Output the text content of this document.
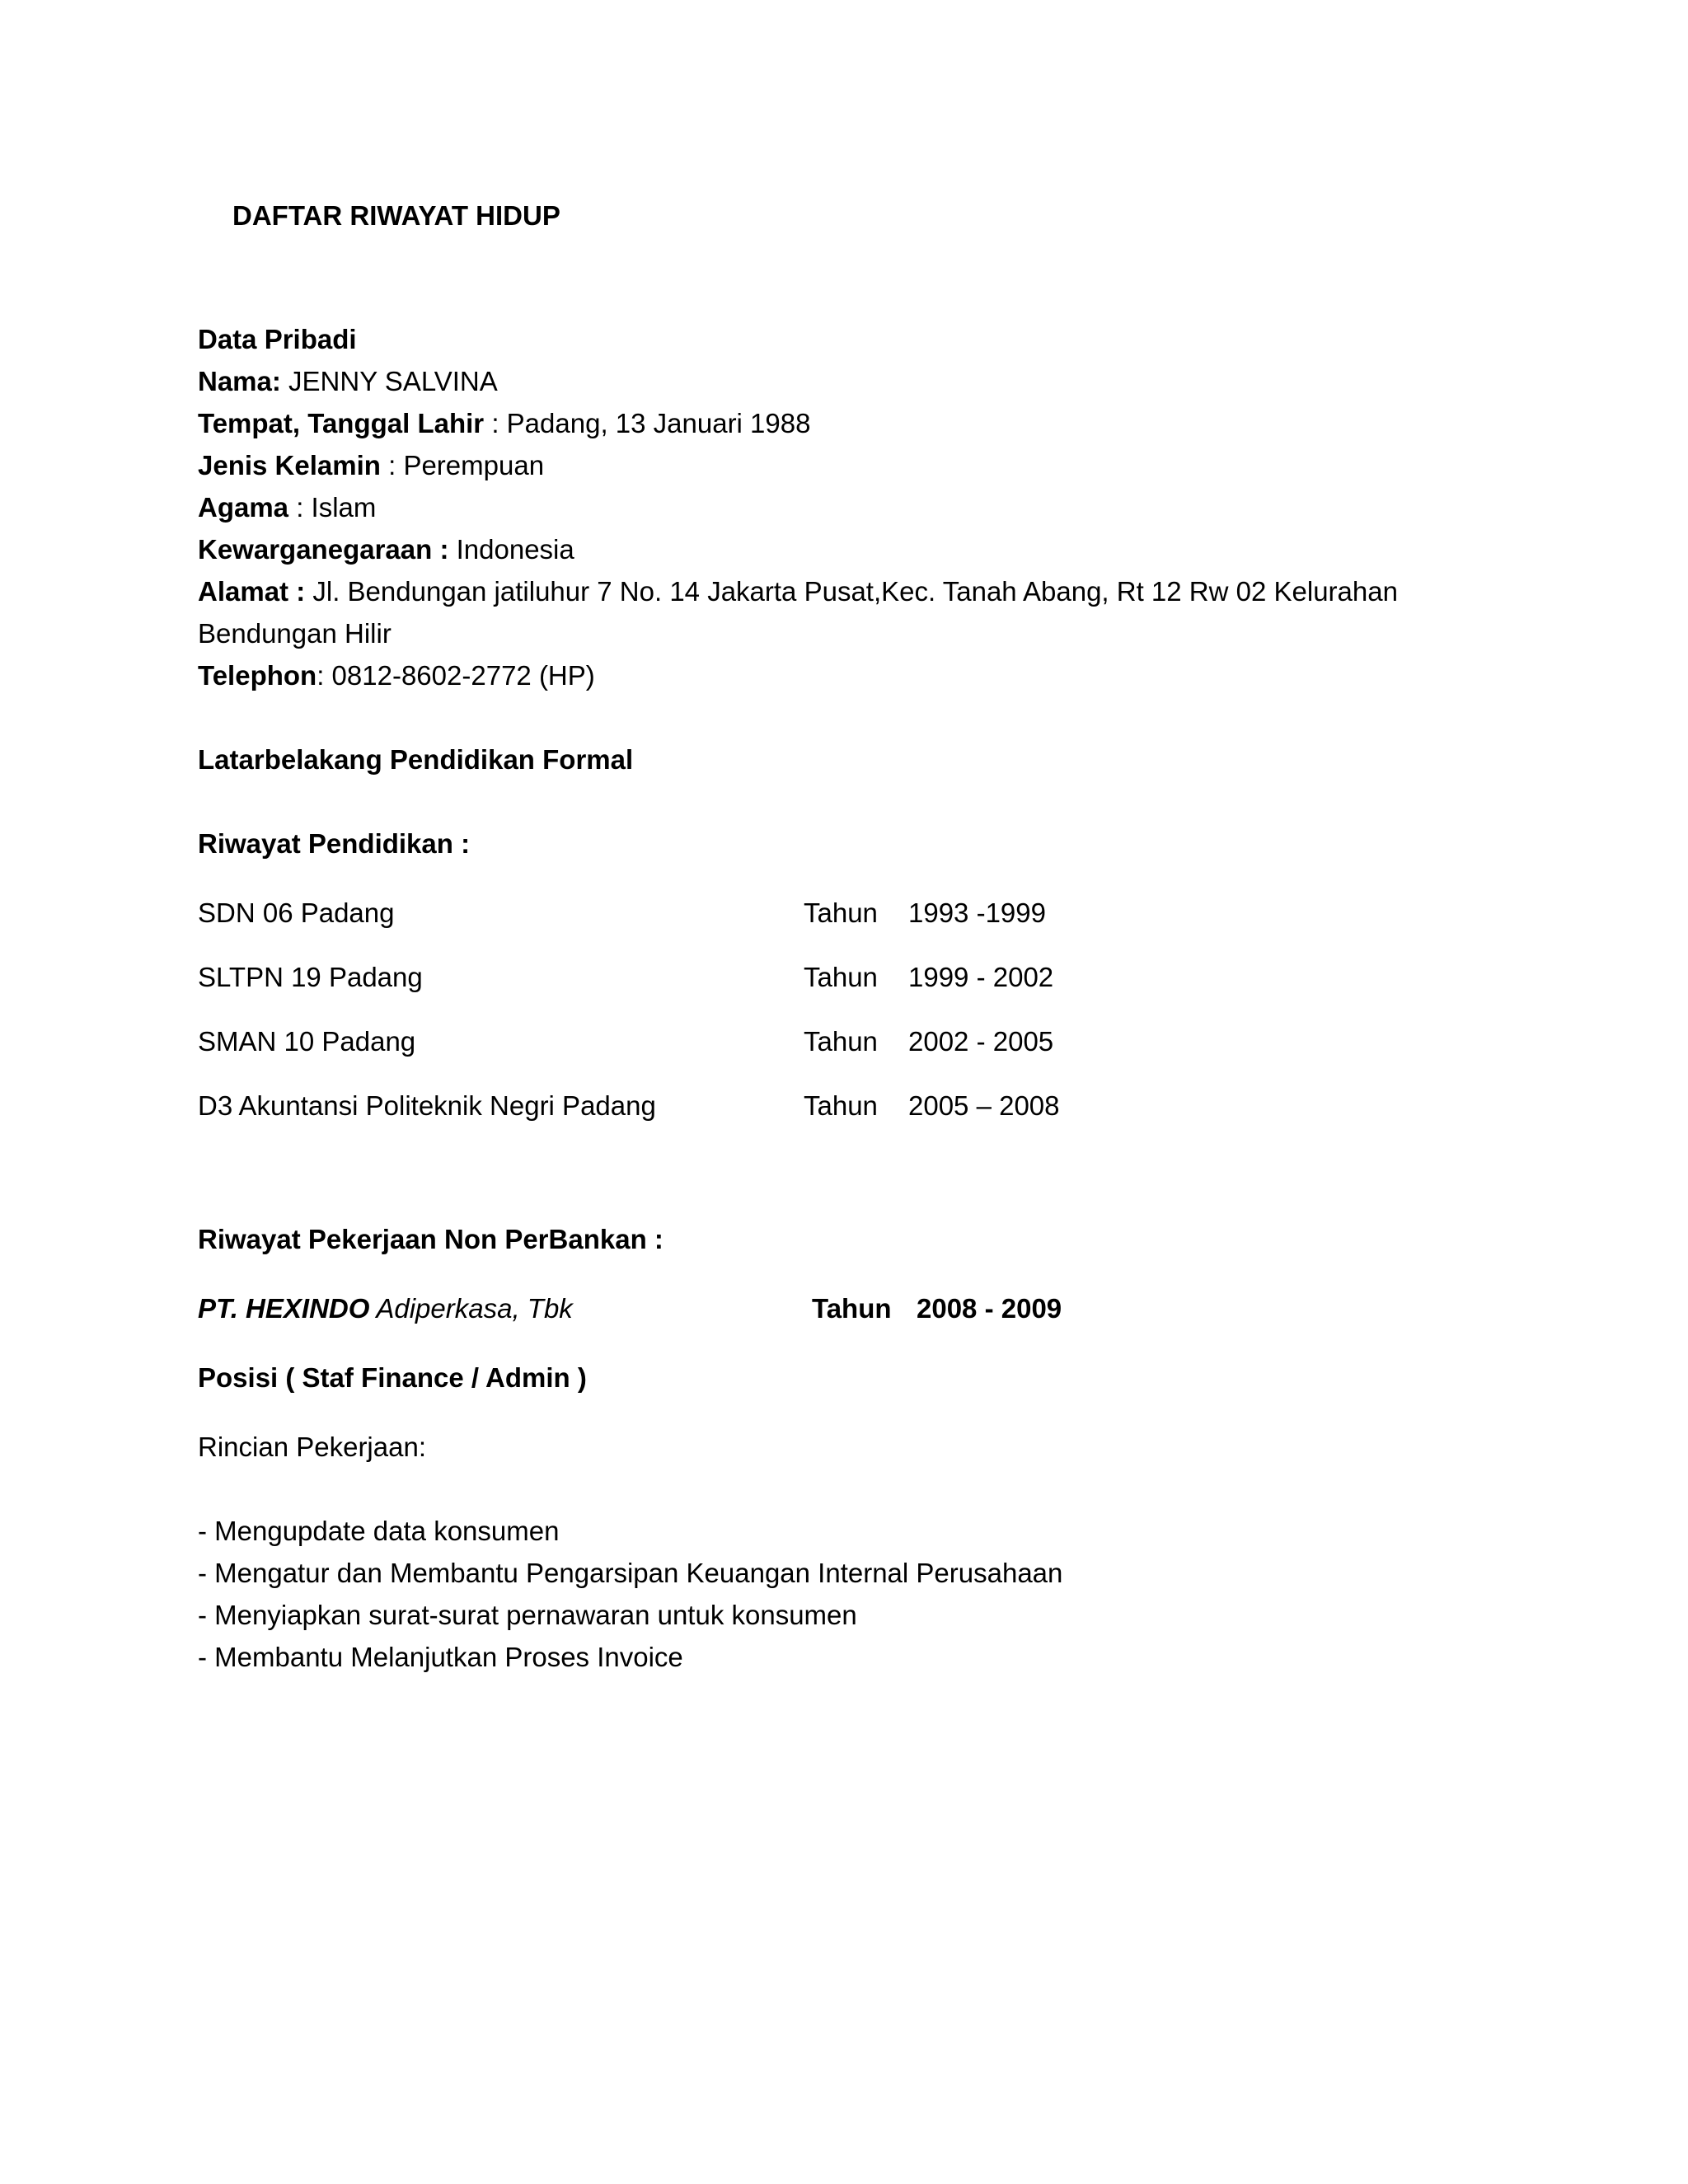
DAFTAR RIWAYAT HIDUP
Data Pribadi
Nama: JENNY SALVINA
Tempat, Tanggal Lahir : Padang, 13 Januari 1988
Jenis Kelamin : Perempuan
Agama : Islam
Kewarganegaraan : Indonesia
Alamat : Jl. Bendungan jatiluhur 7 No. 14 Jakarta Pusat,Kec. Tanah Abang, Rt 12 Rw 02 Kelurahan
Bendungan Hilir
Telephon: 0812-8602-2772 (HP)
Latarbelakang Pendidikan Formal
Riwayat Pendidikan :
SDN 06 Padang	Tahun 1993 -1999
SLTPN 19 Padang	Tahun 1999 - 2002
SMAN 10 Padang	Tahun 2002 - 2005
D3 Akuntansi Politeknik Negri Padang	Tahun 2005 – 2008
Riwayat Pekerjaan Non PerBankan :
PT. HEXINDO Adiperkasa, Tbk	Tahun 2008 - 2009
Posisi ( Staf Finance / Admin )
Rincian Pekerjaan:
- Mengupdate data konsumen
- Mengatur dan Membantu Pengarsipan Keuangan Internal Perusahaan
- Menyiapkan surat-surat pernawaran untuk konsumen
- Membantu Melanjutkan Proses Invoice
